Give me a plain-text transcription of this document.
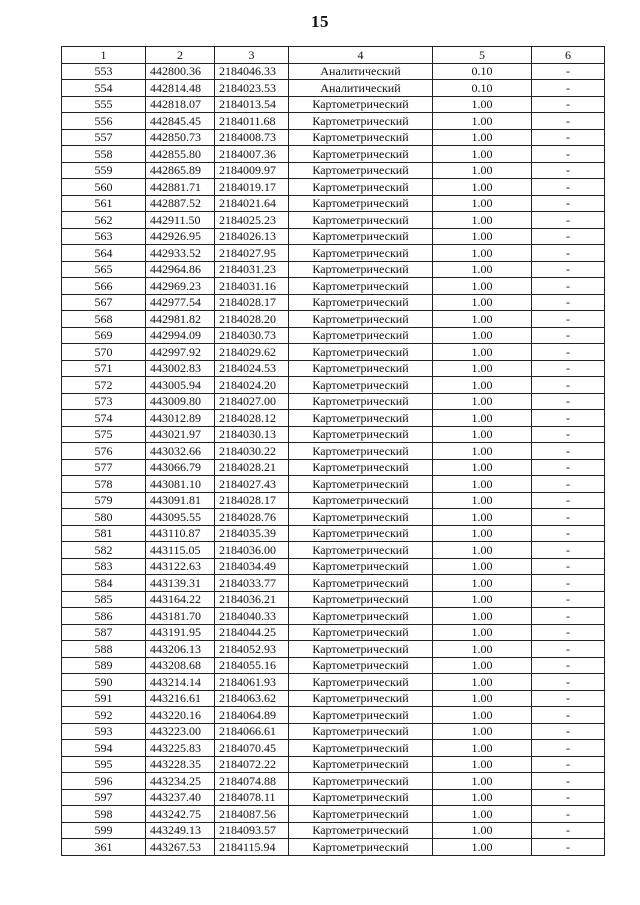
15
1	2	3	4	5	6
553	442800.36	2184046.33	Аналитический	0.10	-
554	442814.48	2184023.53	Аналитический	0.10	-
555	442818.07	2184013.54	Картометрический	1.00	-
556	442845.45	2184011.68	Картометрический	1.00	-
557	442850.73	2184008.73	Картометрический	1.00	-
558	442855.80	2184007.36	Картометрический	1.00	-
559	442865.89	2184009.97	Картометрический	1.00	-
560	442881.71	2184019.17	Картометрический	1.00	-
561	442887.52	2184021.64	Картометрический	1.00	-
562	442911.50	2184025.23	Картометрический	1.00	-
563	442926.95	2184026.13	Картометрический	1.00	-
564	442933.52	2184027.95	Картометрический	1.00	-
565	442964.86	2184031.23	Картометрический	1.00	-
566	442969.23	2184031.16	Картометрический	1.00	-
567	442977.54	2184028.17	Картометрический	1.00	-
568	442981.82	2184028.20	Картометрический	1.00	-
569	442994.09	2184030.73	Картометрический	1.00	-
570	442997.92	2184029.62	Картометрический	1.00	-
571	443002.83	2184024.53	Картометрический	1.00	-
572	443005.94	2184024.20	Картометрический	1.00	-
573	443009.80	2184027.00	Картометрический	1.00	-
574	443012.89	2184028.12	Картометрический	1.00	-
575	443021.97	2184030.13	Картометрический	1.00	-
576	443032.66	2184030.22	Картометрический	1.00	-
577	443066.79	2184028.21	Картометрический	1.00	-
578	443081.10	2184027.43	Картометрический	1.00	-
579	443091.81	2184028.17	Картометрический	1.00	-
580	443095.55	2184028.76	Картометрический	1.00	-
581	443110.87	2184035.39	Картометрический	1.00	-
582	443115.05	2184036.00	Картометрический	1.00	-
583	443122.63	2184034.49	Картометрический	1.00	-
584	443139.31	2184033.77	Картометрический	1.00	-
585	443164.22	2184036.21	Картометрический	1.00	-
586	443181.70	2184040.33	Картометрический	1.00	-
587	443191.95	2184044.25	Картометрический	1.00	-
588	443206.13	2184052.93	Картометрический	1.00	-
589	443208.68	2184055.16	Картометрический	1.00	-
590	443214.14	2184061.93	Картометрический	1.00	-
591	443216.61	2184063.62	Картометрический	1.00	-
592	443220.16	2184064.89	Картометрический	1.00	-
593	443223.00	2184066.61	Картометрический	1.00	-
594	443225.83	2184070.45	Картометрический	1.00	-
595	443228.35	2184072.22	Картометрический	1.00	-
596	443234.25	2184074.88	Картометрический	1.00	-
597	443237.40	2184078.11	Картометрический	1.00	-
598	443242.75	2184087.56	Картометрический	1.00	-
599	443249.13	2184093.57	Картометрический	1.00	-
361	443267.53	2184115.94	Картометрический	1.00	-
